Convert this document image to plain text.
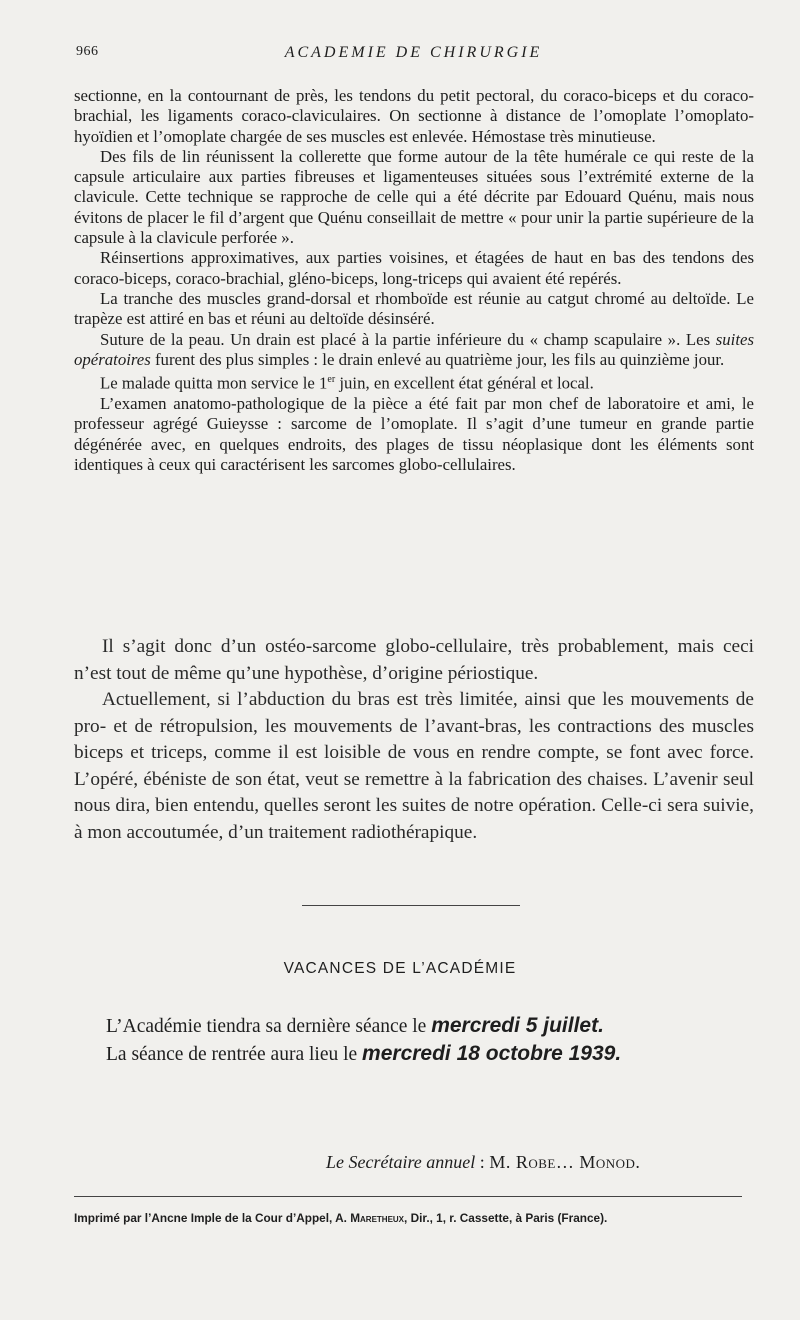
966	ACADEMIE DE CHIRURGIE

sectionne, en la contournant de près, les tendons du petit pectoral, du coraco-biceps et du coraco-brachial, les ligaments coraco-claviculaires. On sectionne à distance de l’omoplate l’omoplato-hyoïdien et l’omoplate chargée de ses muscles est enlevée. Hémostase très minutieuse.

Des fils de lin réunissent la collerette que forme autour de la tête humérale ce qui reste de la capsule articulaire aux parties fibreuses et ligamenteuses situées sous l’extrémité externe de la clavicule. Cette technique se rapproche de celle qui a été décrite par Edouard Quénu, mais nous évitons de placer le fil d’argent que Quénu conseillait de mettre « pour unir la partie supérieure de la capsule à la clavicule perforée ».

Réinsertions approximatives, aux parties voisines, et étagées de haut en bas des tendons des coraco-biceps, coraco-brachial, gléno-biceps, long-triceps qui avaient été repérés.

La tranche des muscles grand-dorsal et rhomboïde est réunie au catgut chromé au deltoïde. Le trapèze est attiré en bas et réuni au deltoïde désinséré.

Suture de la peau. Un drain est placé à la partie inférieure du « champ scapulaire ». Les suites opératoires furent des plus simples : le drain enlevé au quatrième jour, les fils au quinzième jour.

Le malade quitta mon service le 1er juin, en excellent état général et local.

L’examen anatomo-pathologique de la pièce a été fait par mon chef de laboratoire et ami, le professeur agrégé Guieysse : sarcome de l’omoplate. Il s’agit d’une tumeur en grande partie dégénérée avec, en quelques endroits, des plages de tissu néoplasique dont les éléments sont identiques à ceux qui caractérisent les sarcomes globo-cellulaires.

Il s’agit donc d’un ostéo-sarcome globo-cellulaire, très probablement, mais ceci n’est tout de même qu’une hypothèse, d’origine périostique.

Actuellement, si l’abduction du bras est très limitée, ainsi que les mouvements de pro- et de rétropulsion, les mouvements de l’avant-bras, les contractions des muscles biceps et triceps, comme il est loisible de vous en rendre compte, se font avec force. L’opéré, ébéniste de son état, veut se remettre à la fabrication des chaises. L’avenir seul nous dira, bien entendu, quelles seront les suites de notre opération. Celle-ci sera suivie, à mon accoutumée, d’un traitement radiothérapique.

VACANCES DE L’ACADÉMIE
L’Académie tiendra sa dernière séance le mercredi 5 juillet.
La séance de rentrée aura lieu le mercredi 18 octobre 1939.
Le Secrétaire annuel : M. Robe… Monod.
Imprimé par l’Ancne Imple de la Cour d’Appel, A. Maretheux, Dir., 1, r. Cassette, à Paris (France).
